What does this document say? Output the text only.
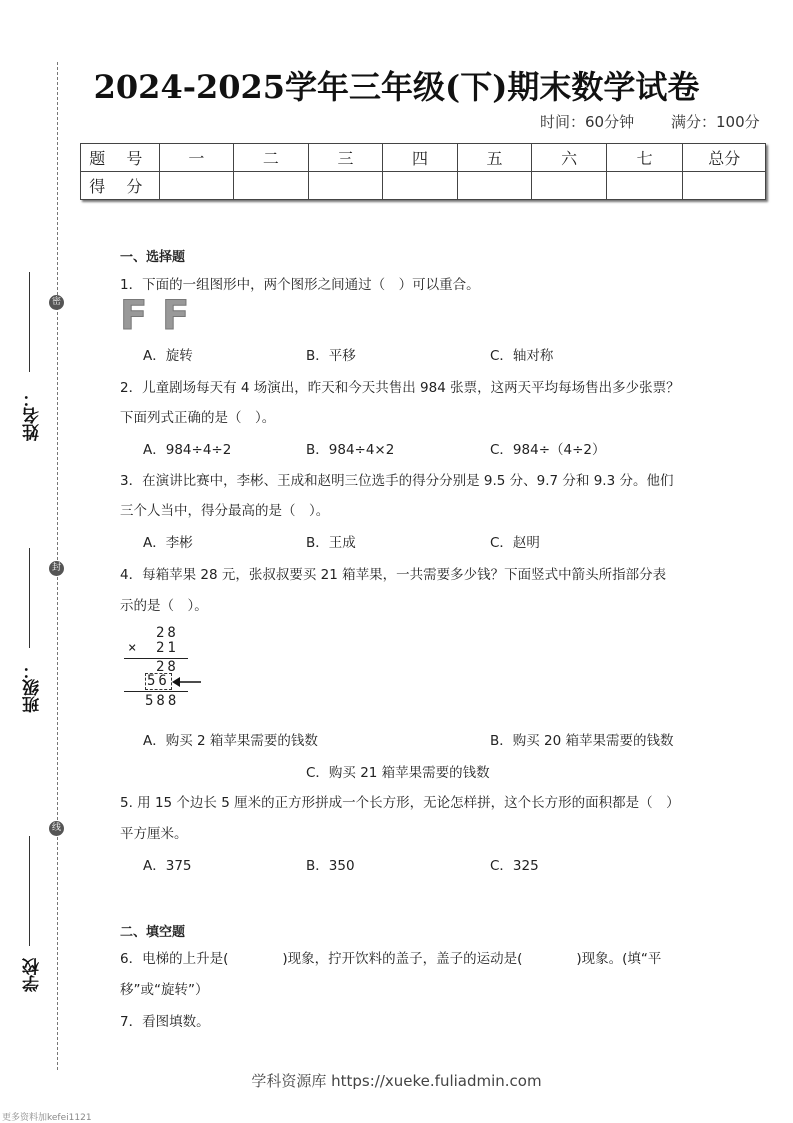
密
封
线
姓名：
班级：
学校
2024-2025学年三年级(下)期末数学试卷
时间：60分钟 满分：100分
题 号	一	二	三	四	五	六	七	总分
得 分								
一、选择题
1．下面的一组图形中，两个图形之间通过（　）可以重合。
F F
A．旋转	B．平移	C．轴对称
2．儿童剧场每天有 4 场演出，昨天和今天共售出 984 张票，这两天平均每场售出多少张票？
下面列式正确的是（　）。
A．984÷4÷2	B．984÷4×2	C．984÷（4÷2）
3．在演讲比赛中，李彬、王成和赵明三位选手的得分分别是 9.5 分、9.7 分和 9.3 分。他们
三个人当中，得分最高的是（　）。
A．李彬	B．王成	C．赵明
4．每箱苹果 28 元，张叔叔要买 21 箱苹果，一共需要多少钱？下面竖式中箭头所指部分表
示的是（　）。
28
× 21
28
56
588
A．购买 2 箱苹果需要的钱数	B．购买 20 箱苹果需要的钱数
C．购买 21 箱苹果需要的钱数
5. 用 15 个边长 5 厘米的正方形拼成一个长方形，无论怎样拼，这个长方形的面积都是（　）
平方厘米。
A．375	B．350	C．325
二、填空题
6．电梯的上升是(　　　　)现象，拧开饮料的盖子，盖子的运动是(　　　　)现象。(填“平
移”或“旋转”）
7．看图填数。
学科资源库 https://xueke.fuliadmin.com
更多资料加kefei1121
